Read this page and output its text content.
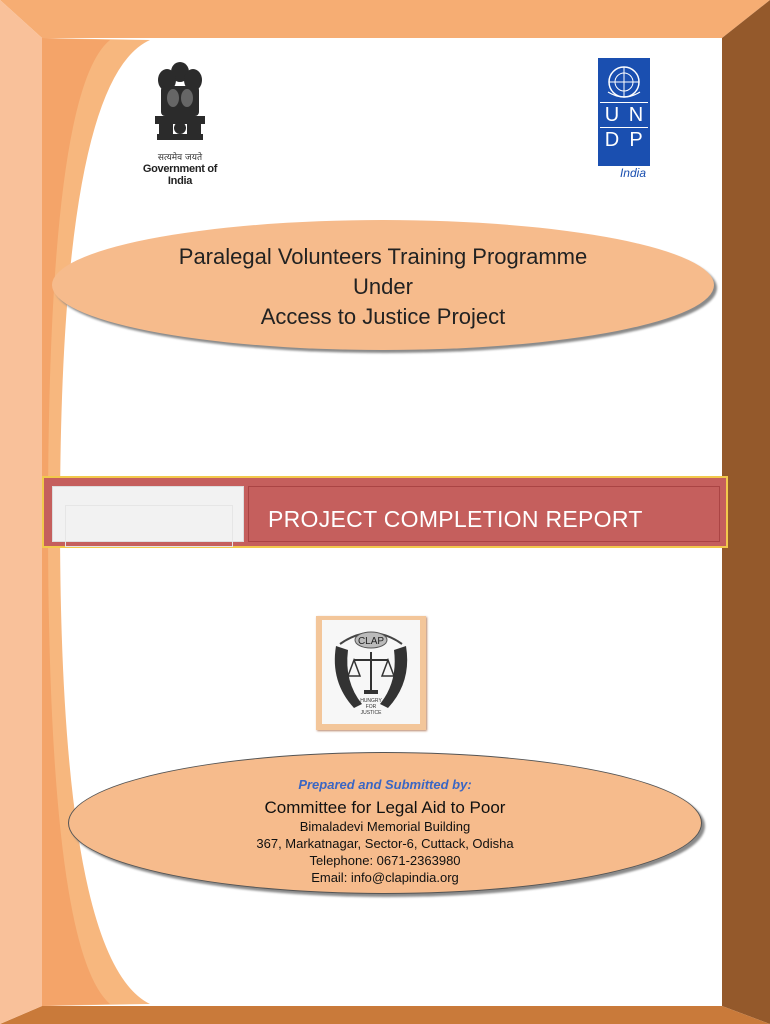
सत्यमेव जयते
Government of India
U N
D P
India
Paralegal Volunteers Training Programme
Under
Access to Justice Project
PROJECT COMPLETION REPORT
CLAP
HUNGRY
FOR
JUSTICE
Prepared and Submitted by:
Committee for Legal Aid to Poor
Bimaladevi Memorial Building
367, Markatnagar, Sector-6, Cuttack, Odisha
Telephone: 0671-2363980
Email: info@clapindia.org
